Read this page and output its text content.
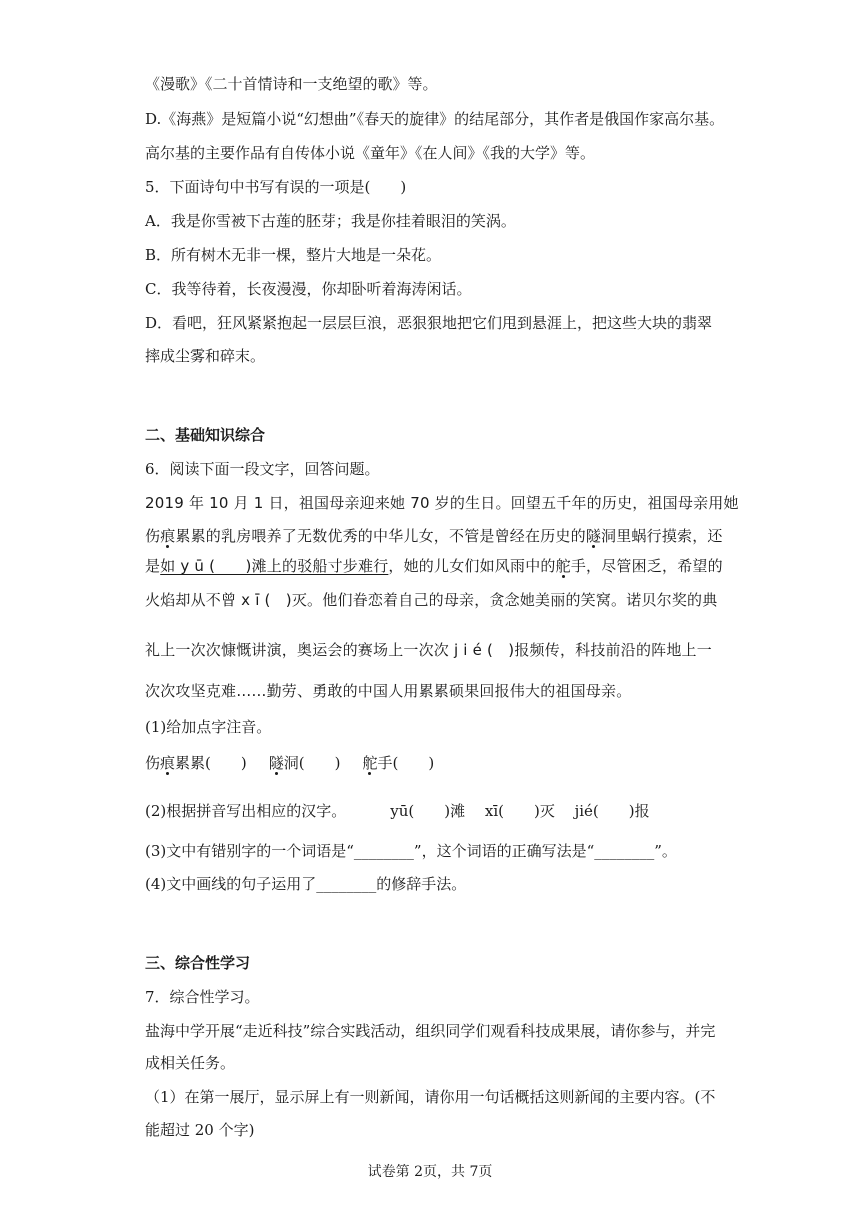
《漫歌》《二十首情诗和一支绝望的歌》等。
D.《海燕》是短篇小说“幻想曲”《春天的旋律》的结尾部分，其作者是俄国作家高尔基。
高尔基的主要作品有自传体小说《童年》《在人间》《我的大学》等。
5．下面诗句中书写有误的一项是(　　)
A．我是你雪被下古莲的胚芽；我是你挂着眼泪的笑涡。
B．所有树木无非一棵，整片大地是一朵花。
C．我等待着，长夜漫漫，你却卧听着海涛闲话。
D．看吧，狂风紧紧抱起一层层巨浪，恶狠狠地把它们甩到悬涯上，把这些大块的翡翠
摔成尘雾和碎末。
二、基础知识综合
6．阅读下面一段文字，回答问题。
2019 年 10 月 1 日，祖国母亲迎来她 70 岁的生日。回望五千年的历史，祖国母亲用她
伤痕累累的乳房喂养了无数优秀的中华儿女，不管是曾经在历史的隧洞里蜗行摸索，还
是如 y ū (　　)滩上的驳船寸步难行，她的儿女们如风雨中的舵手，尽管困乏，希望的
火焰却从不曾 x ī (　)灭。他们眷恋着自己的母亲，贪念她美丽的笑窝。诺贝尔奖的典
礼上一次次慷慨讲演，奥运会的赛场上一次次 j i é (　)报频传，科技前沿的阵地上一
次次攻坚克难……勤劳、勇敢的中国人用累累硕果回报伟大的祖国母亲。
(1)给加点字注音。
伤痕累累(　　) 隧洞(　　) 舵手(　　)
(2)根据拼音写出相应的汉字。	yū(　　)滩　 xī(　　)灭　 jié(　　)报
(3)文中有错别字的一个词语是“________”，这个词语的正确写法是“________”。
(4)文中画线的句子运用了________的修辞手法。
三、综合性学习
7．综合性学习。
盐海中学开展“走近科技”综合实践活动，组织同学们观看科技成果展，请你参与，并完
成相关任务。
（1）在第一展厅，显示屏上有一则新闻，请你用一句话概括这则新闻的主要内容。(不
能超过 20 个字)
试卷第 2页，共 7页
